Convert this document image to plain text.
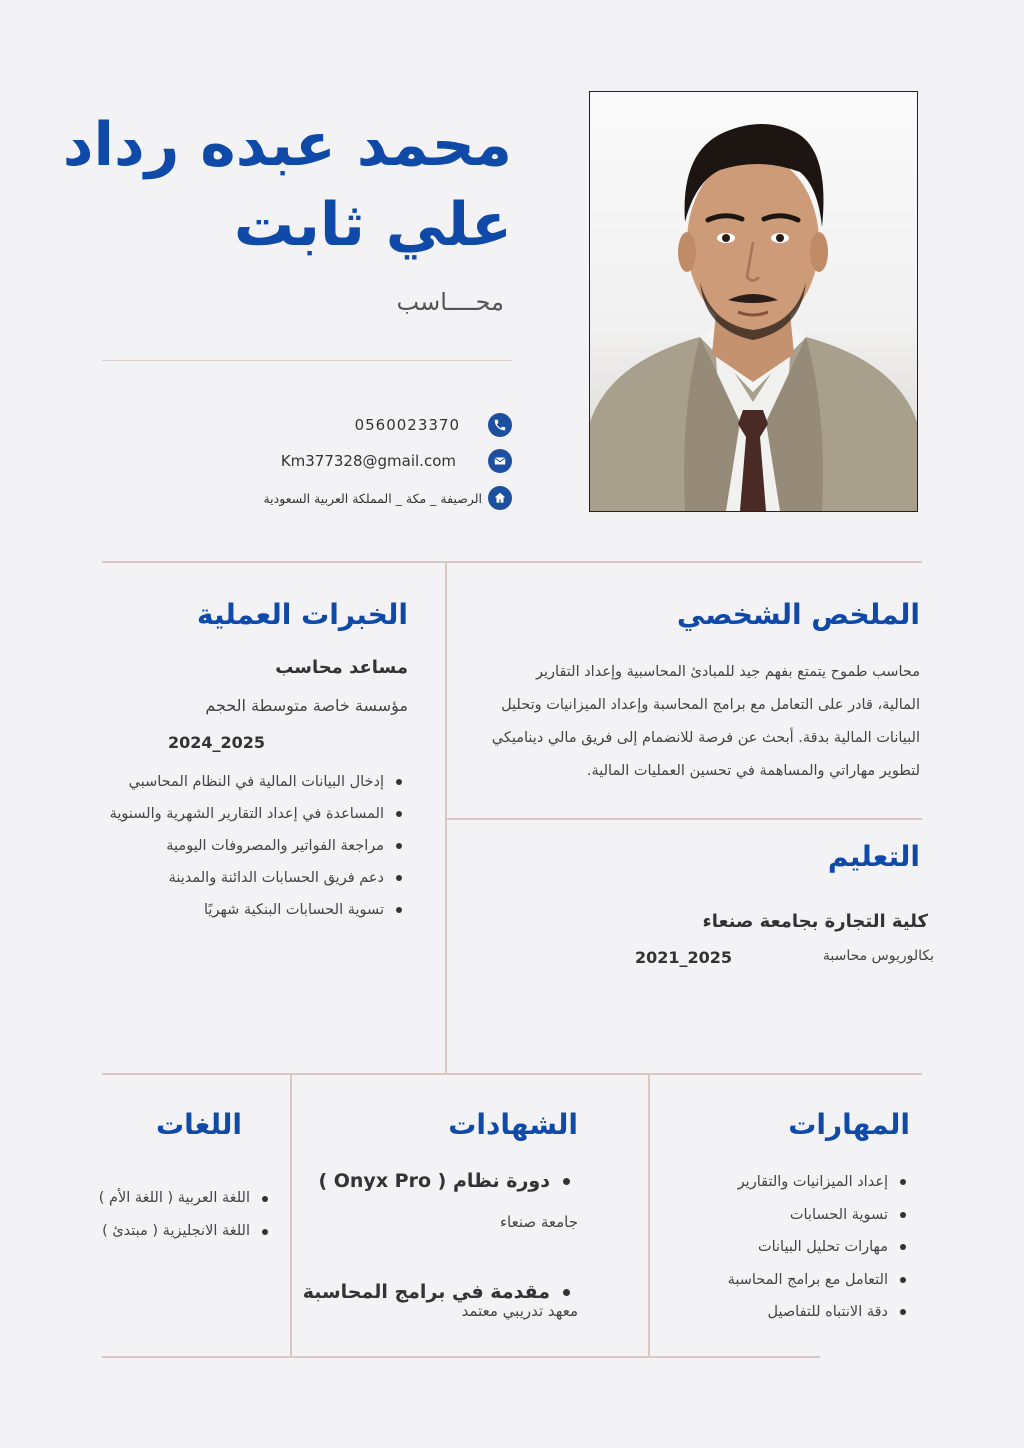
محمد عبده رداد
علي ثابت
محــــاسب
0560023370
Km377328@gmail.com
الرصيفة _ مكة _ المملكة العربية السعودية
الملخص الشخصي
محاسب طموح يتمتع بفهم جيد للمبادئ المحاسبية وإعداد التقارير
المالية، قادر على التعامل مع برامج المحاسبة وإعداد الميزانيات وتحليل
البيانات المالية بدقة. أبحث عن فرصة للانضمام إلى فريق مالي ديناميكي
لتطوير مهاراتي والمساهمة في تحسين العمليات المالية.
التعليم
كلية التجارة بجامعة صنعاء
بكالوريوس محاسبة
2021_2025
الخبرات العملية
مساعد محاسب
مؤسسة خاصة متوسطة الحجم
2024_2025
إدخال البيانات المالية في النظام المحاسبي
المساعدة في إعداد التقارير الشهرية والسنوية
مراجعة الفواتير والمصروفات اليومية
دعم فريق الحسابات الدائنة والمدينة
تسوية الحسابات البنكية شهريًا
المهارات
إعداد الميزانيات والتقارير
تسوية الحسابات
مهارات تحليل البيانات
التعامل مع برامج المحاسبة
دقة الانتباه للتفاصيل
الشهادات
دورة نظام ( Onyx Pro )
جامعة صنعاء
مقدمة في برامج المحاسبة
معهد تدريبي معتمد
اللغات
اللغة العربية ( اللغة الأم )
اللغة الانجليزية ( مبتدئ )
